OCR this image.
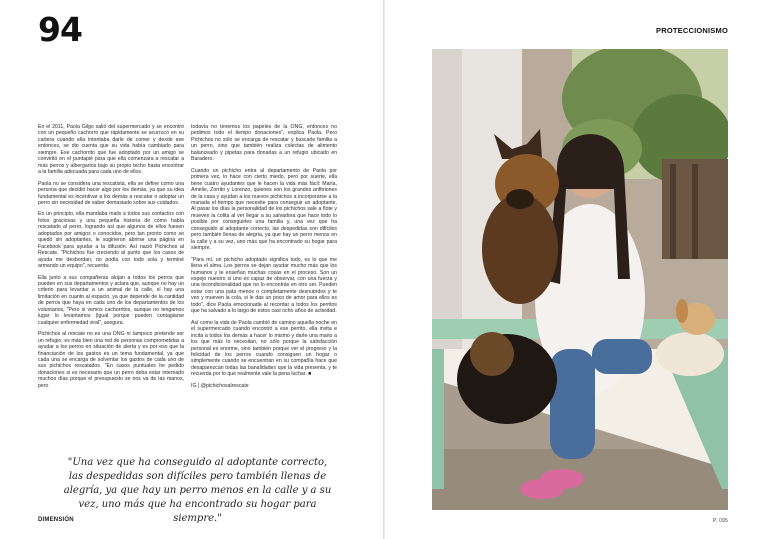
94	PROTECCIONISMO

En el 2011, Paola Gilgo salió del supermercado y se encontró con un pequeño cachorro que rápidamente se acurrucó en su cartera cuando ella intentaba darle de comer y desde ese entonces, se dio cuenta que su vida había cambiado para siempre. Ese cachorrito que fue adoptado por un amigo se convirtió en el puntapié para que ella comenzara a rescatar a más perros y albergarlos bajo su propio techo hasta encontrar a la familia adecuada para cada uno de ellos.

Paola no se considera una rescatista, ella se define como una persona que decidió hacer algo por los demás, ya que su idea fundamental es incentivar a los demás a rescatar o adoptar un perro sin necesidad de saber demasiado sobre sus cuidados.

En un principio, ella mandaba mails a todos sus contactos con fotos graciosas y una pequeña historia de cómo había rescatado al perro, logrando así que algunos de ellos fuesen adoptados por amigos o conocidos, pero tan pronto como se quedó sin adoptantes, le sugirieron abrirse una página en Facebook para ayudar a la difusión. Así nació Pichichos al Rescate. "Pichichos fue creciendo al punto que los casos de ayuda me desbordan, no podía con todo sola y terminé armando un equipo", recuerda.

Ella junto a sus compañeras alojan a todos los perros que pueden en sus departamentos y aclara que, aunque no hay un criterio para levantar a un animal de la calle, sí hay una limitación en cuanto al espacio, ya que depende de la cantidad de perros que haya en cada uno de los departamentos de los voluntarios, "Pero si vemos cachorritos, aunque no tengamos lugar lo levantamos (igual porque pueden contagiarse cualquier enfermedad viral", asegura.

Pichichos al rescate no es una ONG ni tampoco pretende ser un refugio, es más bien una red de personas comprometidas a ayudar a los perros en situación de alerta y es por eso que la financiación de los gastos es un tema fundamental, ya que cada una se encarga de solventar los gastos de cada uno de sus pichichos rescatados. "En casos puntuales he pedido donaciones si es necesario que un perro deba estar internado muchos días porque el presupuesto se nos va de las manos, pero

todavía no tenemos los papeles de la ONG, entonces no pedimos todo el tiempo donaciones", explica Paola. Pero Pichichos no sólo se encarga de rescatar y buscarle familia a un perro, sino que también realiza colectas de alimento balanceado y pipetas para donarlas a un refugio ubicado en Baradero.

Cuando un pichicho entra al departamento de Paola por primera vez, lo hace con cierto miedo, pero por suerte, ella tiene cuatro ayudantes que le hacen la vida más fácil: María, Amelie, Zorrito y Lorenzo, quienes son los grandes anfitriones de la casa y ayudan a los nuevos pichichos a incorporarse a la manada el tiempo que necesite para conseguir un adoptante. Al pasar los días la personalidad de los pichichos sale a flote y mueven la colita al ver llegar a su salvadora que hace todo lo posible por conseguirles una familia y, una vez que ha conseguido al adoptante correcto, las despedidas son difíciles pero también llenas de alegría, ya que hay un perro menos en la calle y a su vez, uno más que ha encontrado su hogar para siempre.

"Para mí, un pichicho adoptado significa todo, es lo que me llena el alma. Los perros se dejan ayudar mucho más que los humanos y te enseñan muchas cosas en el proceso. Son un espejo nuestro si uno es capaz de observar, con una fuerza y una incondicionalidad que no lo encontrás en otro ser. Pueden estar con una pata menos o completamente desnutridos y te ven y mueven la cola, si le das un poco de amor para ellos es todo", dice Paola emocionada al recordar a todos los perritos que ha salvado a lo largo de estos casi ocho años de actividad.

Así como la vida de Paola cambió de camino aquella noche en el supermercado cuando encontró a ese perrito, ella invita e incita a todos los demás a hacer lo mismo y darle una mano a los que más lo necesitan, no sólo porque la satisfacción personal es enorme, sino también porque ver el progreso y la felicidad de los perros cuando consiguen un hogar o simplemente cuando se encuentran en su compañía hace que desaparezcan todas las banalidades que la vida presenta, y te recuerda por lo que realmente vale la pena luchar. ■

IG | @pichichosalrescate

"Una vez que ha conseguido al adoptante correcto, las despedidas son difíciles pero también llenas de alegría, ya que hay un perro menos en la calle y a su vez, uno más que ha encontrado su hogar para siempre."
DIMENSIÓN	P. 095
